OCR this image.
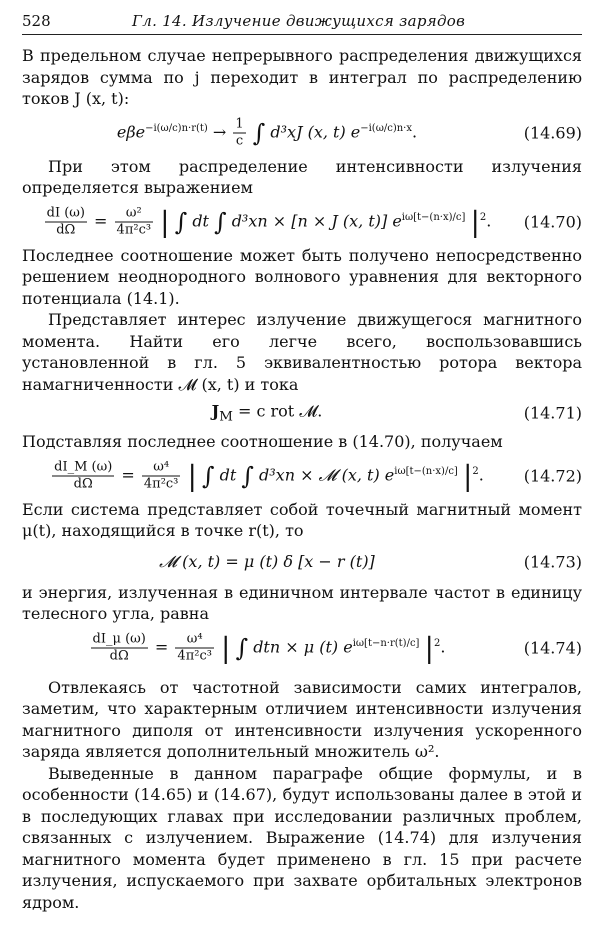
528	Гл. 14. Излучение движущихся зарядов

В предельном случае непрерывного распределения движущихся зарядов сумма по j переходит в интеграл по распределению токов J (x, t):

$e\beta e^{-i(\omega/c)n\cdot r(t)} \to \frac{1}{c}$ ∫ d³xJ (x, t) $e^{-i(\omega/c)n\cdot x}$.	(14.69)

При этом распределение интенсивности излучения определяется выражением

$\frac{dI (\omega)}{d\Omega} = \frac{\text{ω²}}{\text{4π²c³}}$ | ∫ dt ∫ d³xn × [n × J (x, t)] $e^{i\omega[t-(n\cdot x)/c]}$ $|^2$.	(14.70)

Последнее соотношение может быть получено непосредственно решением неоднородного волнового уравнения для векторного потенциала (14.1).

Представляет интерес излучение движущегося магнитного момента. Найти его легче всего, воспользовавшись установленной в гл. 5 эквивалентностью ротора вектора намагниченности 𝓜 (x, t) и тока

$J_M = c$ rot 𝓜.	(14.71)

Подставляя последнее соотношение в (14.70), получаем

$\frac{dI\_M (\omega)}{d\Omega} = \frac{\text{ω⁴}}{\text{4π²c³}}$ | ∫ dt ∫ d³xn × 𝓜 (x, t) $e^{i\omega[t-(n\cdot x)/c]}$ $|^2$.	(14.72)

Если система представляет собой точечный магнитный момент μ(t), находящийся в точке r(t), то

𝓜 (x, t) = μ (t) δ [x − r (t)]	(14.73)

и энергия, излученная в единичном интервале частот в единицу телесного угла, равна

$\frac{dI\_\mu (\omega)}{d\Omega} = \frac{\text{ω⁴}}{\text{4π²c³}}$ | ∫ dtn × μ (t) $e^{i\omega[t-n\cdot r(t)/c]}$ $|^2$.	(14.74)

Отвлекаясь от частотной зависимости самих интегралов, заметим, что характерным отличием интенсивности излучения магнитного диполя от интенсивности излучения ускоренного заряда является дополнительный множитель ω².

Выведенные в данном параграфе общие формулы, и в особенности (14.65) и (14.67), будут использованы далее в этой и в последующих главах при исследовании различных проблем, связанных с излучением. Выражение (14.74) для излучения магнитного момента будет применено в гл. 15 при расчете излучения, испускаемого при захвате орбитальных электронов ядром.
